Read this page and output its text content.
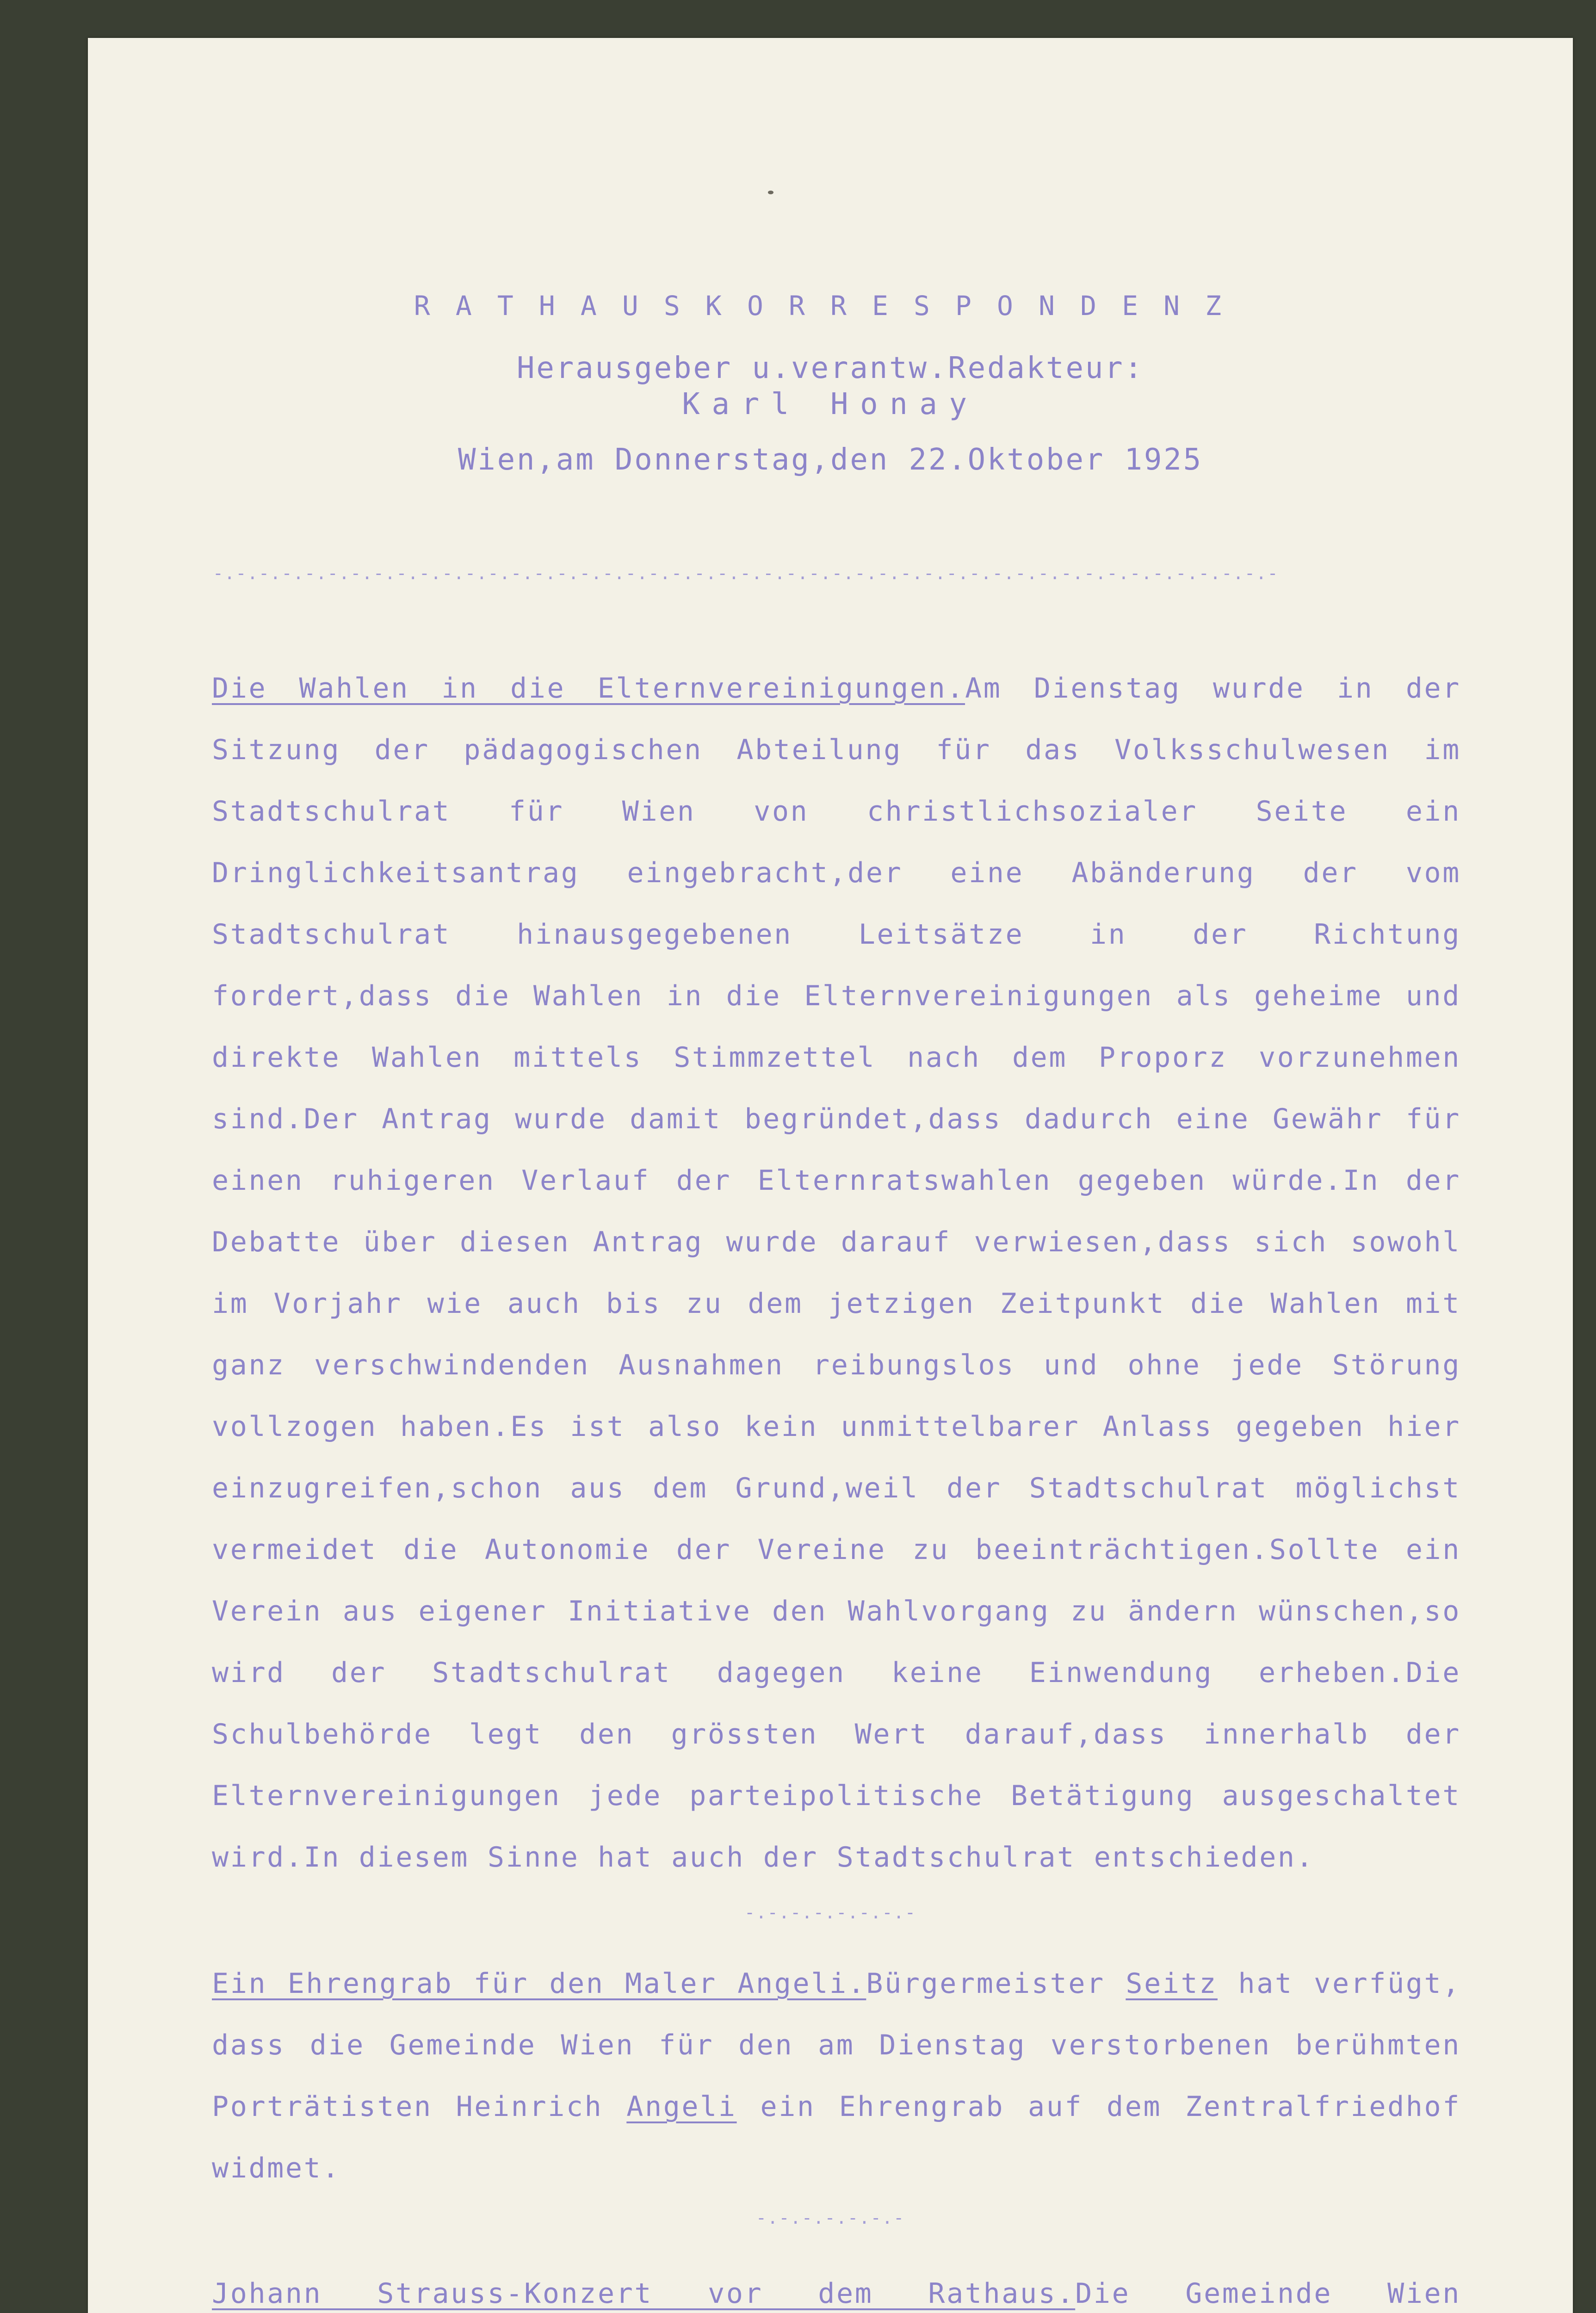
RATHAUSKORRESPONDENZ
Herausgeber u.verantw.Redakteur:
Karl Honay
Wien,am Donnerstag,den 22.Oktober 1925
-.-.-.-.-.-.-.-.-.-.-.-.-.-.-.-.-.-.-.-.-.-.-.-.-.-.-.-.-.-.-.-.-.-.-.-.-.-.-.-.-.-.-.-.-.-.-
Die Wahlen in die Elternvereinigungen.Am Dienstag wurde in der Sitzung der pädagogischen Abteilung für das Volksschulwesen im Stadtschulrat für Wien von christlichsozialer Seite ein Dringlichkeitsantrag eingebracht,der eine Abänderung der vom Stadtschulrat hinausgegebenen Leitsätze in der Richtung fordert,dass die Wahlen in die Elternvereinigungen als geheime und direkte Wahlen mittels Stimmzettel nach dem Proporz vorzunehmen sind.Der Antrag wurde damit begründet,dass dadurch eine Gewähr für einen ruhigeren Verlauf der Elternratswahlen gegeben würde.In der Debatte über diesen Antrag wurde darauf verwiesen,dass sich sowohl im Vorjahr wie auch bis zu dem jetzigen Zeitpunkt die Wahlen mit ganz verschwindenden Ausnahmen reibungslos und ohne jede Störung vollzogen haben.Es ist also kein unmittelbarer Anlass gegeben hier einzugreifen,schon aus dem Grund,weil der Stadtschulrat möglichst vermeidet die Autonomie der Vereine zu beeinträchtigen.Sollte ein Verein aus eigener Initiative den Wahlvorgang zu ändern wünschen,so wird der Stadtschulrat dagegen keine Einwendung erheben.Die Schulbehörde legt den grössten Wert darauf,dass innerhalb der Elternvereinigungen jede parteipolitische Betätigung ausgeschaltet wird.In diesem Sinne hat auch der Stadtschulrat entschieden.
-.-.-.-.-.-.-.-
Ein Ehrengrab für den Maler Angeli.Bürgermeister Seitz hat verfügt, dass die Gemeinde Wien für den am Dienstag verstorbenen berühmten Porträtisten Heinrich Angeli ein Ehrengrab auf dem Zentralfriedhof widmet.
-.-.-.-.-.-.-
Johann Strauss-Konzert vor dem Rathaus.Die Gemeinde Wien
